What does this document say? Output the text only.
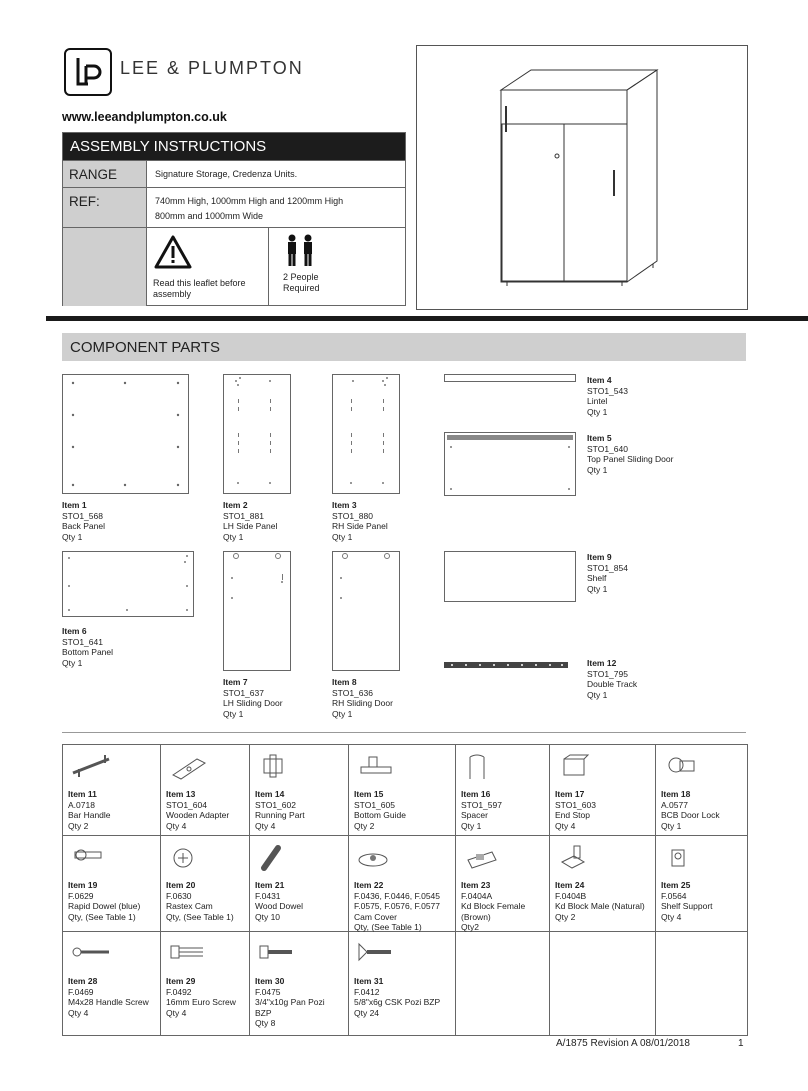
LEE & PLUMPTON
www.leeandplumpton.co.uk
ASSEMBLY INSTRUCTIONS
RANGE	Signature Storage, Credenza Units.
REF:	740mm High, 1000mm High and 1200mm High
800mm and 1000mm Wide
Read this leaflet before
assembly
2 People
Required
COMPONENT PARTS
Item 1
STO1_568
Back Panel
Qty 1
Item 2
STO1_881
LH Side Panel
Qty 1
Item 3
STO1_880
RH Side Panel
Qty 1
Item 4
STO1_543
Lintel
Qty 1
Item 5
STO1_640
Top Panel Sliding Door
Qty 1
Item 6
STO1_641
Bottom Panel
Qty 1
Item 7
STO1_637
LH Sliding Door
Qty 1
Item 8
STO1_636
RH Sliding Door
Qty 1
Item 9
STO1_854
Shelf
Qty 1
Item 12
STO1_795
Double Track
Qty 1
Item 11
A.0718
Bar Handle
Qty 2
Item 13
STO1_604
Wooden Adapter
Qty 4
Item 14
STO1_602
Running Part
Qty 4
Item 15
STO1_605
Bottom Guide
Qty 2
Item 16
STO1_597
Spacer
Qty 1
Item 17
STO1_603
End Stop
Qty 4
Item 18
A.0577
BCB Door Lock
Qty 1
Item 19
F.0629
Rapid Dowel (blue)
Qty, (See Table 1)
Item 20
F.0630
Rastex Cam
Qty, (See Table 1)
Item 21
F.0431
Wood Dowel
Qty 10
Item 22
F.0436, F.0446, F.0545
F.0575, F.0576, F.0577
Cam Cover
Qty, (See Table 1)
Item 23
F.0404A
Kd Block Female
(Brown)
Qty2
Item 24
F.0404B
Kd Block Male (Natural)
Qty 2
Item 25
F.0564
Shelf Support
Qty 4
Item 28
F.0469
M4x28 Handle Screw
Qty 4
Item 29
F.0492
16mm Euro Screw
Qty 4
Item 30
F.0475
3/4"x10g Pan Pozi
BZP
Qty 8
Item 31
F.0412
5/8"x6g CSK Pozi BZP
Qty 24
A/1875 Revision A 08/01/2018	1
